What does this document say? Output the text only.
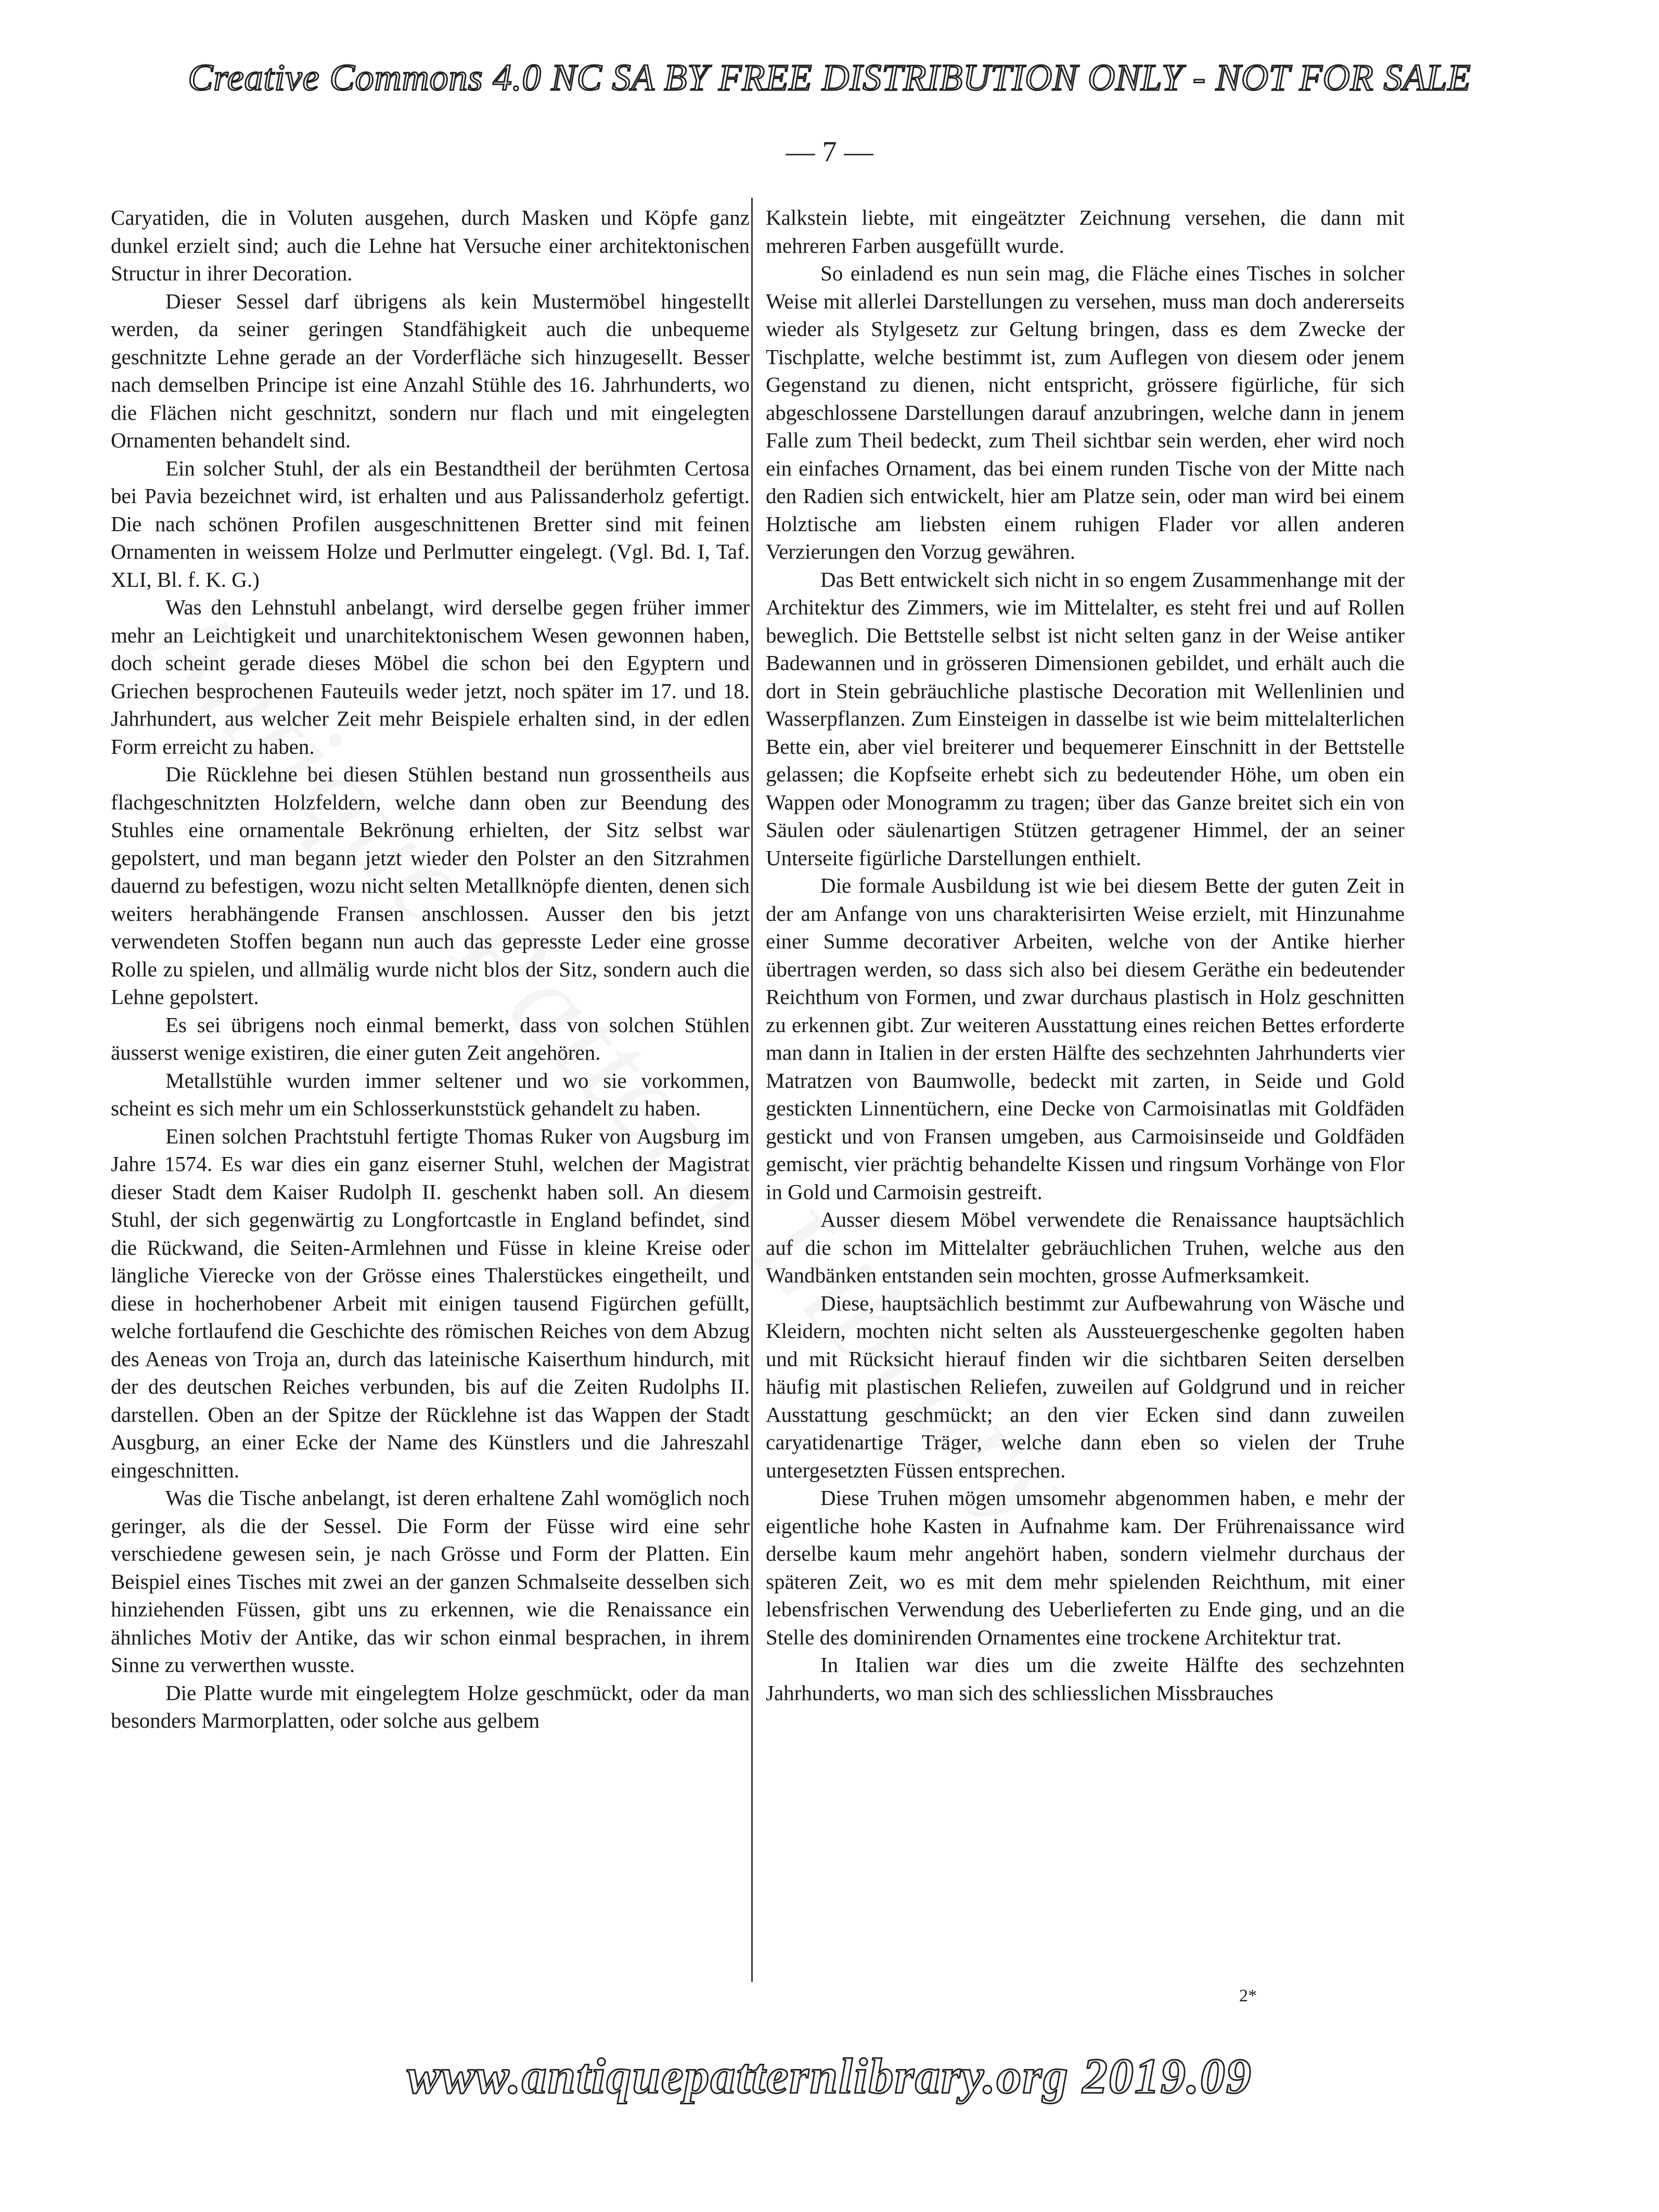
Creative Commons 4.0 NC SA BY FREE DISTRIBUTION ONLY - NOT FOR SALE
— 7 —

Caryatiden, die in Voluten ausgehen, durch Masken und Köpfe ganz dunkel erzielt sind; auch die Lehne hat Versuche einer architektonischen Structur in ihrer Decoration.

Dieser Sessel darf übrigens als kein Mustermöbel hingestellt werden, da seiner geringen Standfähigkeit auch die unbequeme geschnitzte Lehne gerade an der Vorderfläche sich hinzugesellt. Besser nach demselben Principe ist eine Anzahl Stühle des 16. Jahrhunderts, wo die Flächen nicht geschnitzt, sondern nur flach und mit eingelegten Ornamenten behandelt sind.

Ein solcher Stuhl, der als ein Bestandtheil der berühmten Certosa bei Pavia bezeichnet wird, ist erhalten und aus Palissanderholz gefertigt. Die nach schönen Profilen ausgeschnittenen Bretter sind mit feinen Ornamenten in weissem Holze und Perlmutter eingelegt. (Vgl. Bd. I, Taf. XLI, Bl. f. K. G.)

Was den Lehnstuhl anbelangt, wird derselbe gegen früher immer mehr an Leichtigkeit und unarchitektonischem Wesen gewonnen haben, doch scheint gerade dieses Möbel die schon bei den Egyptern und Griechen besprochenen Fauteuils weder jetzt, noch später im 17. und 18. Jahrhundert, aus welcher Zeit mehr Beispiele erhalten sind, in der edlen Form erreicht zu haben.

Die Rücklehne bei diesen Stühlen bestand nun grossentheils aus flachgeschnitzten Holzfeldern, welche dann oben zur Beendung des Stuhles eine ornamentale Bekrönung erhielten, der Sitz selbst war gepolstert, und man begann jetzt wieder den Polster an den Sitzrahmen dauernd zu befestigen, wozu nicht selten Metallknöpfe dienten, denen sich weiters herabhängende Fransen anschlossen. Ausser den bis jetzt verwendeten Stoffen begann nun auch das gepresste Leder eine grosse Rolle zu spielen, und allmälig wurde nicht blos der Sitz, sondern auch die Lehne gepolstert.

Es sei übrigens noch einmal bemerkt, dass von solchen Stühlen äusserst wenige existiren, die einer guten Zeit angehören.

Metallstühle wurden immer seltener und wo sie vorkommen, scheint es sich mehr um ein Schlosserkunststück gehandelt zu haben.

Einen solchen Prachtstuhl fertigte Thomas Ruker von Augsburg im Jahre 1574. Es war dies ein ganz eiserner Stuhl, welchen der Magistrat dieser Stadt dem Kaiser Rudolph II. geschenkt haben soll. An diesem Stuhl, der sich gegenwärtig zu Longfortcastle in England befindet, sind die Rückwand, die Seiten-Armlehnen und Füsse in kleine Kreise oder längliche Vierecke von der Grösse eines Thalerstückes eingetheilt, und diese in hocherhobener Arbeit mit einigen tausend Figürchen gefüllt, welche fortlaufend die Geschichte des römischen Reiches von dem Abzug des Aeneas von Troja an, durch das lateinische Kaiserthum hindurch, mit der des deutschen Reiches verbunden, bis auf die Zeiten Rudolphs II. darstellen. Oben an der Spitze der Rücklehne ist das Wappen der Stadt Ausgburg, an einer Ecke der Name des Künstlers und die Jahreszahl eingeschnitten.

Was die Tische anbelangt, ist deren erhaltene Zahl womöglich noch geringer, als die der Sessel. Die Form der Füsse wird eine sehr verschiedene gewesen sein, je nach Grösse und Form der Platten. Ein Beispiel eines Tisches mit zwei an der ganzen Schmalseite desselben sich hinziehenden Füssen, gibt uns zu erkennen, wie die Renaissance ein ähnliches Motiv der Antike, das wir schon einmal besprachen, in ihrem Sinne zu verwerthen wusste.

Die Platte wurde mit eingelegtem Holze geschmückt, oder da man besonders Marmorplatten, oder solche aus gelbem

Kalkstein liebte, mit eingeätzter Zeichnung versehen, die dann mit mehreren Farben ausgefüllt wurde.

So einladend es nun sein mag, die Fläche eines Tisches in solcher Weise mit allerlei Darstellungen zu versehen, muss man doch andererseits wieder als Stylgesetz zur Geltung bringen, dass es dem Zwecke der Tischplatte, welche bestimmt ist, zum Auflegen von diesem oder jenem Gegenstand zu dienen, nicht entspricht, grössere figürliche, für sich abgeschlossene Darstellungen darauf anzubringen, welche dann in jenem Falle zum Theil bedeckt, zum Theil sichtbar sein werden, eher wird noch ein einfaches Ornament, das bei einem runden Tische von der Mitte nach den Radien sich entwickelt, hier am Platze sein, oder man wird bei einem Holztische am liebsten einem ruhigen Flader vor allen anderen Verzierungen den Vorzug gewähren.

Das Bett entwickelt sich nicht in so engem Zusammenhange mit der Architektur des Zimmers, wie im Mittelalter, es steht frei und auf Rollen beweglich. Die Bettstelle selbst ist nicht selten ganz in der Weise antiker Badewannen und in grösseren Dimensionen gebildet, und erhält auch die dort in Stein gebräuchliche plastische Decoration mit Wellenlinien und Wasserpflanzen. Zum Einsteigen in dasselbe ist wie beim mittelalterlichen Bette ein, aber viel breiterer und bequemerer Einschnitt in der Bettstelle gelassen; die Kopfseite erhebt sich zu bedeutender Höhe, um oben ein Wappen oder Monogramm zu tragen; über das Ganze breitet sich ein von Säulen oder säulenartigen Stützen getragener Himmel, der an seiner Unterseite figürliche Darstellungen enthielt.

Die formale Ausbildung ist wie bei diesem Bette der guten Zeit in der am Anfange von uns charakterisirten Weise erzielt, mit Hinzunahme einer Summe decorativer Arbeiten, welche von der Antike hierher übertragen werden, so dass sich also bei diesem Geräthe ein bedeutender Reichthum von Formen, und zwar durchaus plastisch in Holz geschnitten zu erkennen gibt. Zur weiteren Ausstattung eines reichen Bettes erforderte man dann in Italien in der ersten Hälfte des sechzehnten Jahrhunderts vier Matratzen von Baumwolle, bedeckt mit zarten, in Seide und Gold gestickten Linnentüchern, eine Decke von Carmoisinatlas mit Goldfäden gestickt und von Fransen umgeben, aus Carmoisinseide und Goldfäden gemischt, vier prächtig behandelte Kissen und ringsum Vorhänge von Flor in Gold und Carmoisin gestreift.

Ausser diesem Möbel verwendete die Renaissance hauptsächlich auf die schon im Mittelalter gebräuchlichen Truhen, welche aus den Wandbänken entstanden sein mochten, grosse Aufmerksamkeit.

Diese, hauptsächlich bestimmt zur Aufbewahrung von Wäsche und Kleidern, mochten nicht selten als Aussteuergeschenke gegolten haben und mit Rücksicht hierauf finden wir die sichtbaren Seiten derselben häufig mit plastischen Reliefen, zuweilen auf Goldgrund und in reicher Ausstattung geschmückt; an den vier Ecken sind dann zuweilen caryatidenartige Träger, welche dann eben so vielen der Truhe untergesetzten Füssen entsprechen.

Diese Truhen mögen umsomehr abgenommen haben, e mehr der eigentliche hohe Kasten in Aufnahme kam. Der Frührenaissance wird derselbe kaum mehr angehört haben, sondern vielmehr durchaus der späteren Zeit, wo es mit dem mehr spielenden Reichthum, mit einer lebensfrischen Verwendung des Ueberlieferten zu Ende ging, und an die Stelle des dominirenden Ornamentes eine trockene Architektur trat.

In Italien war dies um die zweite Hälfte des sechzehnten Jahrhunderts, wo man sich des schliesslichen Missbrauches

2*
www.antiquepatternlibrary.org 2019.09
